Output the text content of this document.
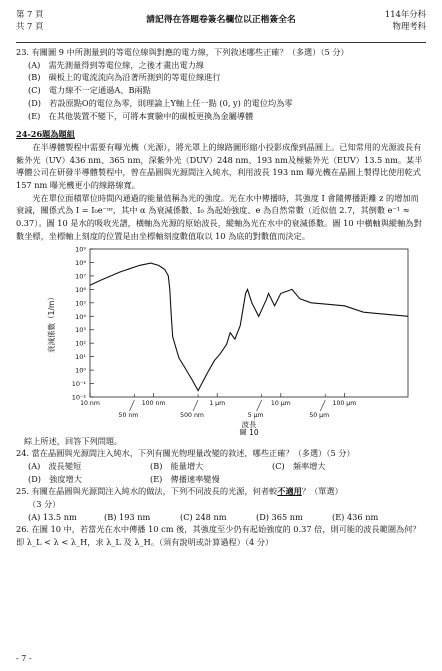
第 7 頁
共 7 頁
請記得在答題卷簽名欄位以正楷簽全名
114年分科
物理考科

23. 有關圖 9 中所測量到的等電位線與對應的電力線，下列敘述哪些正確？（多選）（5 分）

(A)　需先測量得到等電位線，之後才畫出電力線
(B)　碳板上的電流流向為沿著所測到的等電位線進行
(C)　電力線不一定通過A、B兩點
(D)　若設原點O的電位為零，則理論上Y軸上任一點 (0, y) 的電位均為零
(E)　在其他裝置不變下，可將本實驗中的碳板更換為金屬導體
24-26題為題組

在半導體製程中需要有曝光機（光源），將光罩上的線路圖形縮小投影成像到晶圓上。已知常用的光源波長有紫外光（UV）436 nm、365 nm，深紫外光（DUV）248 nm、193 nm及極紫外光（EUV）13.5 nm。某半導體公司在研發半導體製程中，曾在晶圓與光源間注入純水，利用波長 193 nm 曝光機在晶圓上製得比使用乾式 157 nm 曝光機更小的線路線寬。

光在單位面積單位時間內通過的能量值稱為光的強度。光在水中傳播時，其強度 I 會隨傳播距離 z 的增加而衰減，關係式為 I = I₀e⁻ᵅᶻ，其中 α 為衰減係數、I₀ 為起始強度、e 為自然常數（近似值 2.7，其倒數 e⁻¹ ≈ 0.37）。圖 10 是水的吸收光譜，橫軸為光源的原始波長，縱軸為光在水中的衰減係數。圖 10 中橫軸與縱軸為對數坐標，坐標軸上刻度的位置是由坐標軸刻度數值取以 10 為底的對數值而決定。

10⁹
10⁸
10⁷
10⁶
10⁵
10⁴
10³
10²
10¹
10⁰
10⁻¹
10⁻²
10 nm	100 nm	1 μm	10 μm	100 μm
50 nm	500 nm	5 μm	50 μm
波長
圖 10
衰減係數（1/m）

綜上所述，回答下列問題。

24. 當在晶圓與光源間注入純水，下列有關光物理量改變的敘述，哪些正確？（多選）（5 分）

(A)　波長變短	(B)　能量增大	(C)　頻率增大
(D)　強度增大	(E)　傳播速率變慢

25. 有關在晶圓與光源間注入純水的做法，下列不同波長的光源，何者較不適用？（單選）

（3 分）
(A) 13.5 nm	(B) 193 nm	(C) 248 nm	(D) 365 nm	(E) 436 nm

26. 在圖 10 中，若當光在水中傳播 10 cm 後，其強度至少仍有起始強度的 0.37 倍，則可能的波長範圍為何？即 λ_L < λ < λ_H，求 λ_L 及 λ_H。（須有說明或計算過程）（4 分）

- 7 -
